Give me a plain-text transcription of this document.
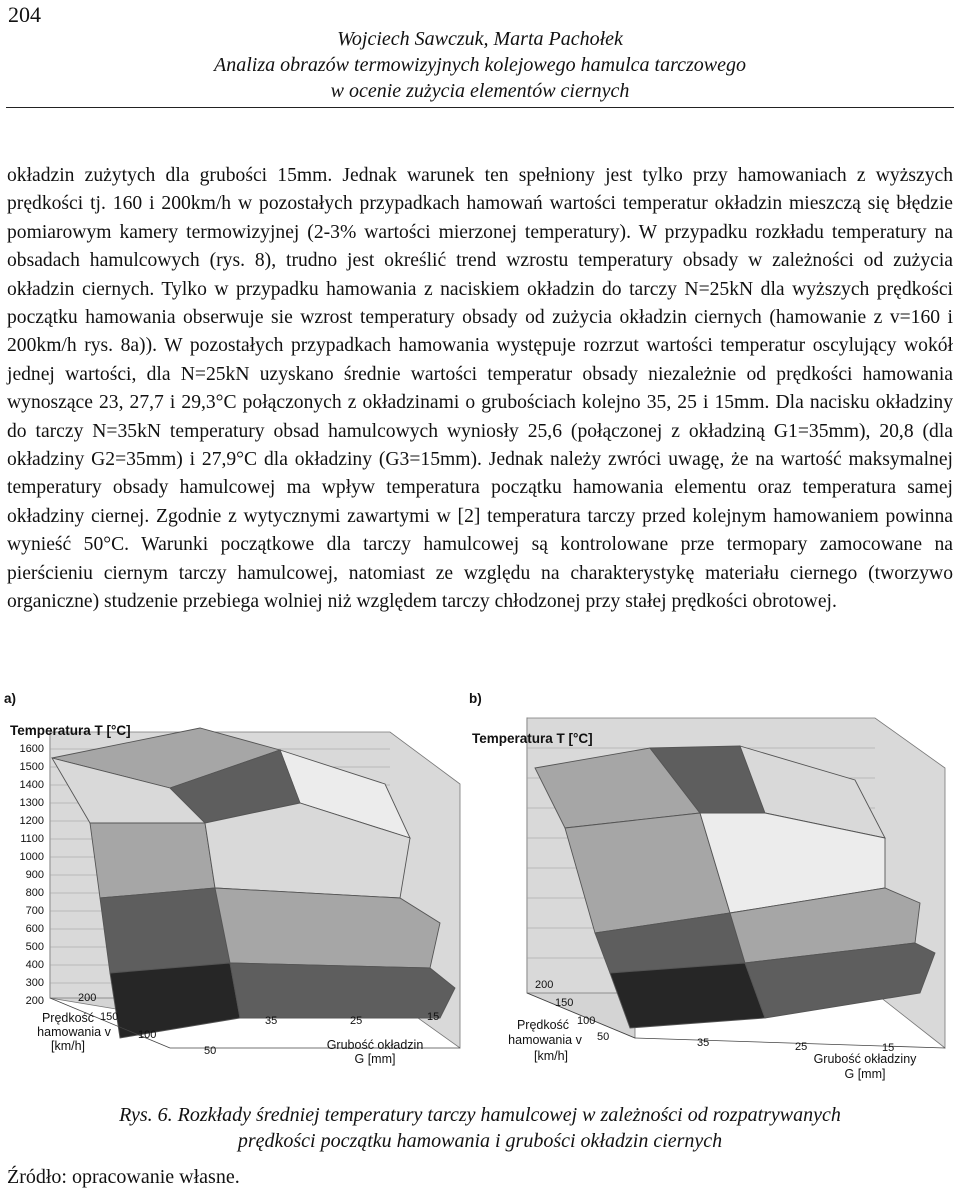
204
Wojciech Sawczuk, Marta Pachołek
Analiza obrazów termowizyjnych kolejowego hamulca tarczowego
w ocenie zużycia elementów ciernych

okładzin zużytych dla grubości 15mm. Jednak warunek ten spełniony jest tylko przy hamowaniach z wyższych prędkości tj. 160 i 200km/h w pozostałych przypadkach hamowań wartości temperatur okładzin mieszczą się błędzie pomiarowym kamery termowizyjnej (2-3% wartości mierzonej temperatury). W przypadku rozkładu temperatury na obsadach hamulcowych (rys. 8), trudno jest określić trend wzrostu temperatury obsady w zależności od zużycia okładzin ciernych. Tylko w przypadku hamowania z naciskiem okładzin do tarczy N=25kN dla wyższych prędkości początku hamowania obserwuje sie wzrost temperatury obsady od zużycia okładzin ciernych (hamowanie z v=160 i 200km/h rys. 8a)). W pozostałych przypadkach hamowania występuje rozrzut wartości temperatur oscylujący wokół jednej wartości, dla N=25kN uzyskano średnie wartości temperatur obsady niezależnie od prędkości hamowania wynoszące 23, 27,7 i 29,3°C połączonych z okładzinami o grubościach kolejno 35, 25 i 15mm. Dla nacisku okładziny do tarczy N=35kN temperatury obsad hamulcowych wyniosły 25,6 (połączonej z okładziną G1=35mm), 20,8 (dla okładziny G2=35mm) i 27,9°C dla okładziny (G3=15mm). Jednak należy zwróci uwagę, że na wartość maksymalnej temperatury obsady hamulcowej ma wpływ temperatura początku hamowania elementu oraz temperatura samej okładziny ciernej. Zgodnie z wytycznymi zawartymi w [2] temperatura tarczy przed kolejnym hamowaniem powinna wynieść 50°C. Warunki początkowe dla tarczy hamulcowej są kontrolowane prze termopary zamocowane na pierścieniu ciernym tarczy hamulcowej, natomiast ze względu na charakterystykę materiału ciernego (tworzywo organiczne) studzenie przebiega wolniej niż względem tarczy chłodzonej przy stałej prędkości obrotowej.

a)
Temperatura T [°C]
1600
1500
1400
1300
1200
1100
1000
900
800
700
600
500
400
300
200	200
150
100
50
Prędkość
hamowania v
[km/h]
35	25	15
Grubość okładzin
G [mm]
b)
Temperatura T [°C]
200
150
100
50
Prędkość
hamowania v
[km/h]
35	25	15
Grubość okładziny
G [mm]
Rys. 6. Rozkłady średniej temperatury tarczy hamulcowej w zależności od rozpatrywanych
prędkości początku hamowania i grubości okładzin ciernych
Źródło: opracowanie własne.
